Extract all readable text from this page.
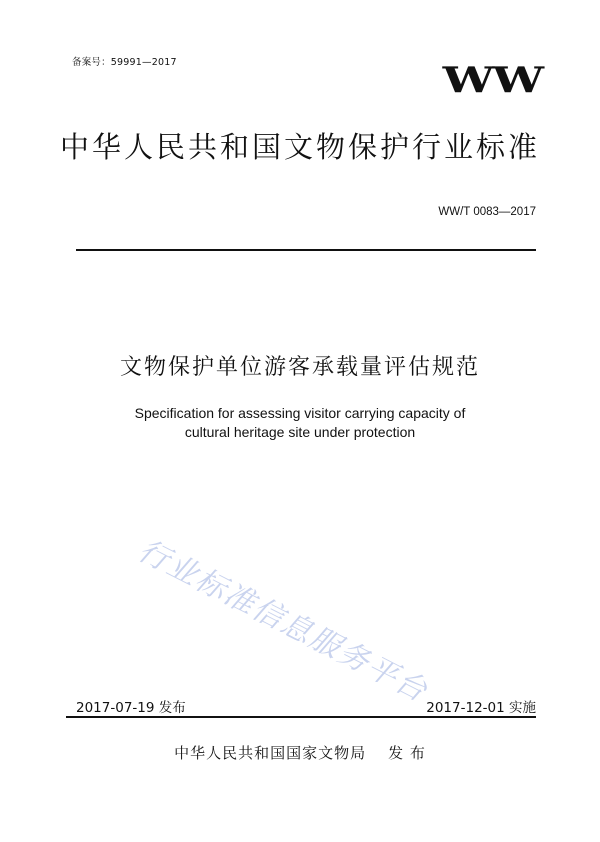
备案号：59991—2017	WW
中华人民共和国文物保护行业标准
WW/T 0083—2017
文物保护单位游客承载量评估规范
Specification for assessing visitor carrying capacity of
cultural heritage site under protection
行业标准信息服务平台
2017-07-19 发布	2017-12-01 实施
中华人民共和国国家文物局 发 布
